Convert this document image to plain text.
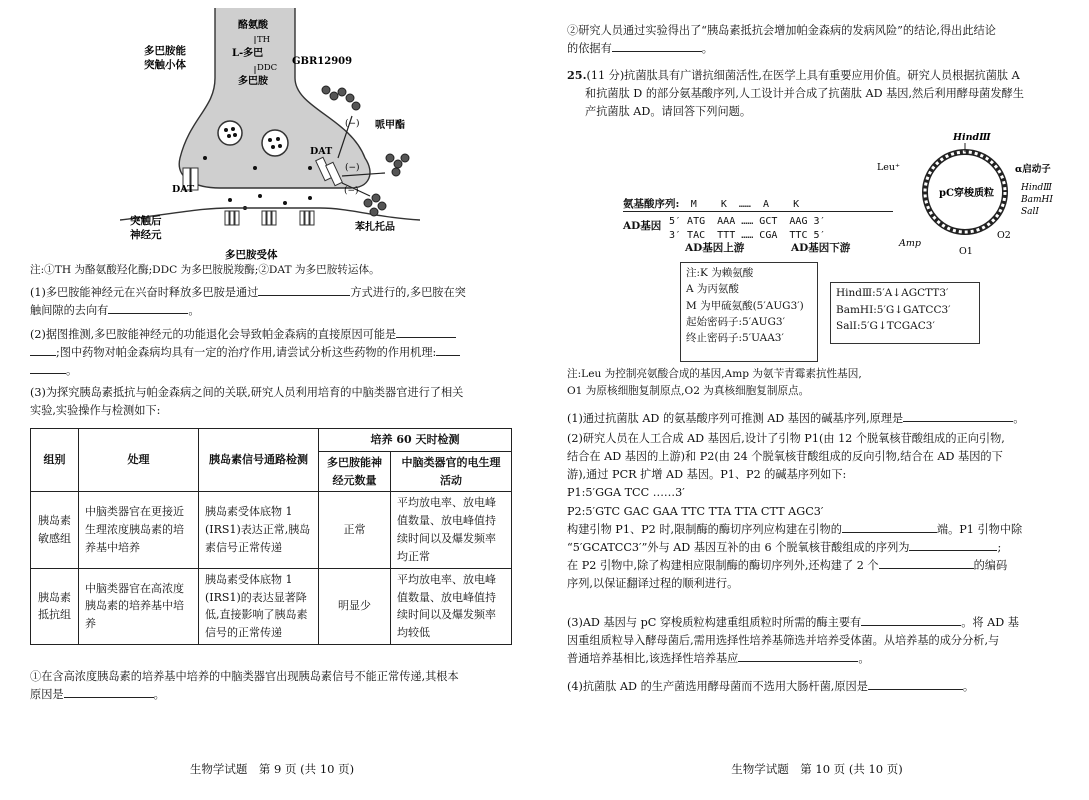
多巴胺能
突触小体
酪氨酸
TH
L-多巴
DDC
多巴胺
GBR12909
(−) 哌甲酯
(−)
(−)
DAT
DAT
苯扎托品
突触后
神经元
多巴胺受体
注:①TH 为酪氨酸羟化酶;DDC 为多巴胺脱羧酶;②DAT 为多巴胺转运体。
(1)多巴胺能神经元在兴奋时释放多巴胺是通过	方式进行的,多巴胺在突
触间隙的去向有	。
(2)据图推测,多巴胺能神经元的功能退化会导致帕金森病的直接原因可能是
;图中药物对帕金森病均具有一定的治疗作用,请尝试分析这些药物的作用机理:
。
(3)为探究胰岛素抵抗与帕金森病之间的关联,研究人员利用培育的中脑类器官进行了相关
实验,实验操作与检测如下:
组别	处理	胰岛素信号通路检测	培养 60 天时检测	
			多巴胺能神经元数量	中脑类器官的电生理活动
胰岛素敏感组	中脑类器官在更接近生理浓度胰岛素的培养基中培养	胰岛素受体底物 1 (IRS1)表达正常,胰岛素信号正常传递	正常	平均放电率、放电峰值数量、放电峰值持续时间以及爆发频率均正常
胰岛素抵抗组	中脑类器官在高浓度胰岛素的培养基中培养	胰岛素受体底物 1 (IRS1)的表达显著降低,直接影响了胰岛素信号的正常传递	明显少	平均放电率、放电峰值数量、放电峰值持续时间以及爆发频率均较低
①在含高浓度胰岛素的培养基中培养的中脑类器官出现胰岛素信号不能正常传递,其根本
原因是	。
生物学试题　第 9 页 (共 10 页)
②研究人员通过实验得出了“胰岛素抵抗会增加帕金森病的发病风险”的结论,得出此结论
的依据有	。
25.(11 分)抗菌肽具有广谱抗细菌活性,在医学上具有重要应用价值。研究人员根据抗菌肽 A
和抗菌肽 D 的部分氨基酸序列,人工设计并合成了抗菌肽 AD 基因,然后利用酵母菌发酵生
产抗菌肽 AD。请回答下列问题。
氨基酸序列: M    K  ……  A    K
AD基因 5′ ATG  AAA …… GCT  AAG 3′
3′ TAC  TTT …… CGA  TTC 5′
AD基因上游	AD基因下游
HindⅢ
Leu⁺	α启动子
HindⅢ
BamHⅠ
SalⅠ
pC穿梭质粒
Amp
O1
O2
注:K 为赖氨酸
A 为丙氨酸
M 为甲硫氨酸(5′AUG3′)
起始密码子:5′AUG3′
终止密码子:5′UAA3′
HindⅢ:5′A↓AGCTT3′
BamHⅠ:5′G↓GATCC3′
SalⅠ:5′G↓TCGAC3′
注:Leu 为控制亮氨酸合成的基因,Amp 为氨苄青霉素抗性基因,
O1 为原核细胞复制原点,O2 为真核细胞复制原点。
(1)通过抗菌肽 AD 的氨基酸序列可推测 AD 基因的碱基序列,原理是	。
(2)研究人员在人工合成 AD 基因后,设计了引物 P1(由 12 个脱氧核苷酸组成的正向引物,
结合在 AD 基因的上游)和 P2(由 24 个脱氧核苷酸组成的反向引物,结合在 AD 基因的下
游),通过 PCR 扩增 AD 基因。P1、P2 的碱基序列如下:
P1:5′GGA TCC ……3′
P2:5′GTC GAC GAA TTC TTA TTA CTT AGC3′
构建引物 P1、P2 时,限制酶的酶切序列应构建在引物的	端。P1 引物中除
“5′GCATCC3′”外与 AD 基因互补的由 6 个脱氧核苷酸组成的序列为	;
在 P2 引物中,除了构建相应限制酶的酶切序列外,还构建了 2 个	的编码
序列,以保证翻译过程的顺利进行。
(3)AD 基因与 pC 穿梭质粒构建重组质粒时所需的酶主要有	。将 AD 基
因重组质粒导入酵母菌后,需用选择性培养基筛选并培养受体菌。从培养基的成分分析,与
普通培养基相比,该选择性培养基应	。
(4)抗菌肽 AD 的生产菌选用酵母菌而不选用大肠杆菌,原因是	。
生物学试题　第 10 页 (共 10 页)
